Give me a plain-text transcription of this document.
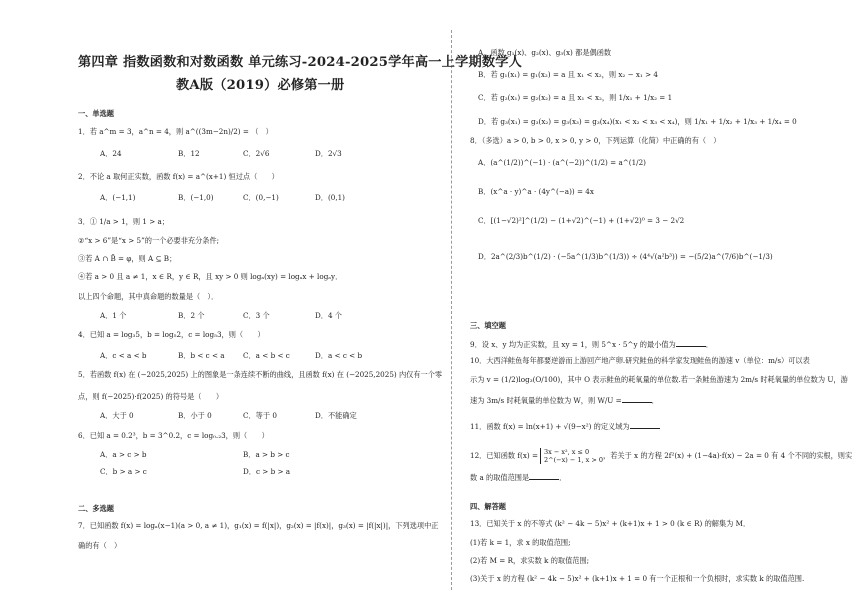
第四章 指数函数和对数函数 单元练习-2024-2025学年高一上学期数学人
教A版（2019）必修第一册
一、单选题
1．若 a^m = 3，a^n = 4，则 a^((3m−2n)/2) = （　）
A．24	B．12	C．2√6	D．2√3
2．不论 a 取何正实数，函数 f(x) = a^(x+1) 恒过点（　　）
A．(−1,1)	B．(−1,0)	C．(0,−1)	D．(0,1)
3．① 1/a > 1，则 1 > a；
②“x > 6”是“x > 5”的一个必要非充分条件;
③若 A ∩ B̄ = φ，则 A ⊆ B；
④若 a > 0 且 a ≠ 1，x ∈ R，y ∈ R，且 xy > 0 则 logₐ(xy) = logₐx + logₐy．
以上四个命题，其中真命题的数量是（　）．
A．1 个	B．2 个	C．3 个	D．4 个
4．已知 a = log₃5，b = log₅2，c = log₅3，则（　　）
A．c < a < b	B．b < c < a	C．a < b < c	D．a < c < b
5．若函数 f(x) 在 (−2025,2025) 上的图象是一条连续不断的曲线，且函数 f(x) 在 (−2025,2025) 内仅有一个零
点，则 f(−2025)·f(2025) 的符号是（　　）
A．大于 0	B．小于 0	C．等于 0	D．不能确定
6．已知 a = 0.2³，b = 3^0.2，c = log₀.₂3，则（　　）
A．a > c > b	B．a > b > c
C．b > a > c	D．c > b > a
二、多选题
7．已知函数 f(x) = logₐ(x−1)(a > 0, a ≠ 1)，g₁(x) = f(|x|)，g₂(x) = |f(x)|，g₃(x) = |f(|x|)|，下列选项中正
确的有（　）
A．函数 g₁(x)、g₂(x)、g₃(x) 都是偶函数
B．若 g₁(x₁) = g₁(x₂) = a 且 x₁ < x₂，则 x₂ − x₁ > 4
C．若 g₂(x₁) = g₂(x₂) = a 且 x₁ < x₂，则 1/x₁ + 1/x₂ = 1
D．若 g₃(x₁) = g₃(x₂) = g₃(x₃) = g₃(x₄)(x₁ < x₂ < x₃ < x₄)，则 1/x₁ + 1/x₂ + 1/x₃ + 1/x₄ = 0
8．（多选）a > 0, b > 0, x > 0, y > 0，下列运算（化简）中正确的有（　）
A．(a^(1/2))^(−1) · (a^(−2))^(1/2) = a^(1/2)
B．(x^a · y)^a · (4y^(−a)) = 4x
C．[(1−√2)²]^(1/2) − (1+√2)^(−1) + (1+√2)⁰ = 3 − 2√2
D．2a^(2/3)b^(1/2) · (−5a^(1/3)b^(1/3)) ÷ (4⁴√(a²b³)) = −(5/2)a^(7/6)b^(−1/3)
三、填空题
9．设 x、y 均为正实数，且 xy = 1，则 5^x · 5^y 的最小值为	．
10．大西洋鲑鱼每年都要逆游而上游回产地产卵.研究鲑鱼的科学家发现鲑鱼的游速 v（单位：m/s）可以表
示为 v = (1/2)log₃(O/100)，其中 O 表示鲑鱼的耗氧量的单位数.若一条鲑鱼游速为 2m/s 时耗氧量的单位数为 U，游
速为 3m/s 时耗氧量的单位数为 W，则 W/U =	．
11．函数 f(x) = ln(x+1) + √(9−x²) 的定义域为
12．已知函数 f(x) = 3x − x², x ≤ 0
2^(−x) − 1, x > 0 ，若关于 x 的方程 2f²(x) + (1−4a)·f(x) − 2a = 0 有 4 个不同的实根，则实
数 a 的取值范围是	．
四、解答题
13．已知关于 x 的不等式 (k² − 4k − 5)x² + (k+1)x + 1 > 0 (k ∈ R) 的解集为 M．
(1)若 k = 1，求 x 的取值范围;
(2)若 M = R，求实数 k 的取值范围;
(3)关于 x 的方程 (k² − 4k − 5)x² + (k+1)x + 1 = 0 有一个正根和一个负根时，求实数 k 的取值范围.
